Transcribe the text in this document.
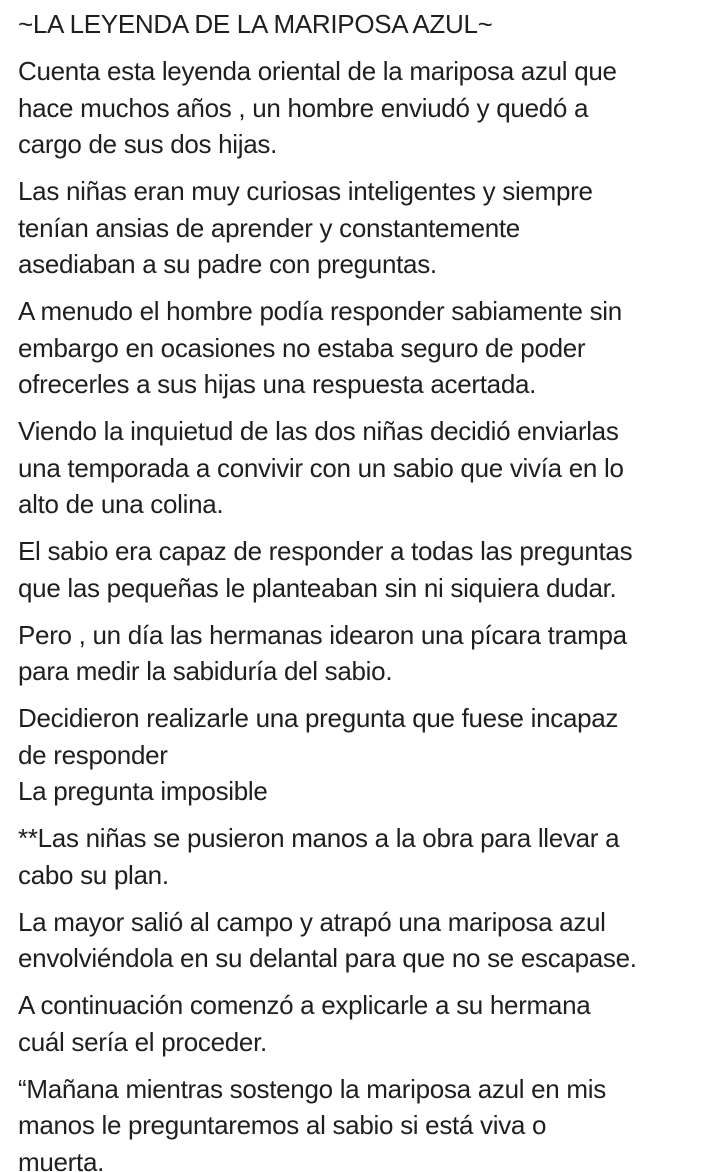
~LA LEYENDA DE LA MARIPOSA AZUL~

Cuenta esta leyenda oriental de la mariposa azul que
hace muchos años , un hombre enviudó y quedó a
cargo de sus dos hijas.

Las niñas eran muy curiosas inteligentes y siempre
tenían ansias de aprender y constantemente
asediaban a su padre con preguntas.

A menudo el hombre podía responder sabiamente sin
embargo en ocasiones no estaba seguro de poder
ofrecerles a sus hijas una respuesta acertada.

Viendo la inquietud de las dos niñas decidió enviarlas
una temporada a convivir con un sabio que vivía en lo
alto de una colina.

El sabio era capaz de responder a todas las preguntas
que las pequeñas le planteaban sin ni siquiera dudar.

Pero , un día las hermanas idearon una pícara trampa
para medir la sabiduría del sabio.

Decidieron realizarle una pregunta que fuese incapaz
de responder
La pregunta imposible

**Las niñas se pusieron manos a la obra para llevar a
cabo su plan.

La mayor salió al campo y atrapó una mariposa azul
envolviéndola en su delantal para que no se escapase.

A continuación comenzó a explicarle a su hermana
cuál sería el proceder.

“Mañana mientras sostengo la mariposa azul en mis
manos le preguntaremos al sabio si está viva o
muerta.
